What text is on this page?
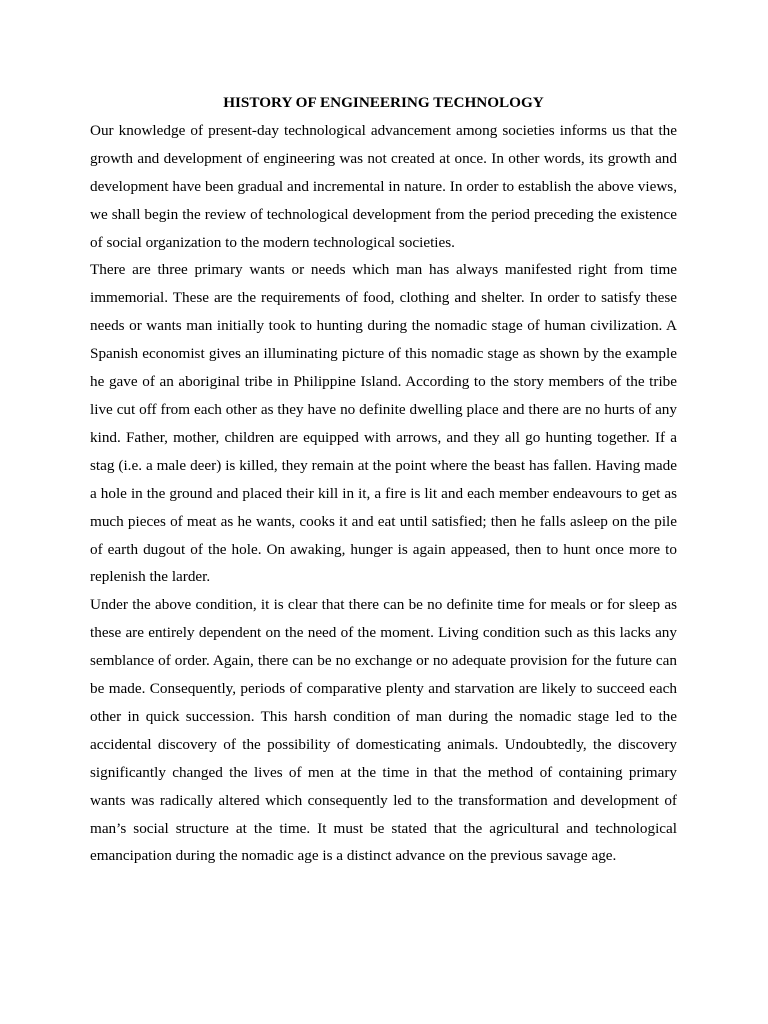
HISTORY OF ENGINEERING TECHNOLOGY

Our knowledge of present-day technological advancement among societies informs us that the growth and development of engineering was not created at once. In other words, its growth and development have been gradual and incremental in nature. In order to establish the above views, we shall begin the review of technological development from the period preceding the existence of social organization to the modern technological societies.

There are three primary wants or needs which man has always manifested right from time immemorial. These are the requirements of food, clothing and shelter. In order to satisfy these needs or wants man initially took to hunting during the nomadic stage of human civilization. A Spanish economist gives an illuminating picture of this nomadic stage as shown by the example he gave of an aboriginal tribe in Philippine Island. According to the story members of the tribe live cut off from each other as they have no definite dwelling place and there are no hurts of any kind. Father, mother, children are equipped with arrows, and they all go hunting together. If a stag (i.e. a male deer) is killed, they remain at the point where the beast has fallen. Having made a hole in the ground and placed their kill in it, a fire is lit and each member endeavours to get as much pieces of meat as he wants, cooks it and eat until satisfied; then he falls asleep on the pile of earth dugout of the hole. On awaking, hunger is again appeased, then to hunt once more to replenish the larder.

Under the above condition, it is clear that there can be no definite time for meals or for sleep as these are entirely dependent on the need of the moment. Living condition such as this lacks any semblance of order. Again, there can be no exchange or no adequate provision for the future can be made. Consequently, periods of comparative plenty and starvation are likely to succeed each other in quick succession. This harsh condition of man during the nomadic stage led to the accidental discovery of the possibility of domesticating animals. Undoubtedly, the discovery significantly changed the lives of men at the time in that the method of containing primary wants was radically altered which consequently led to the transformation and development of man’s social structure at the time. It must be stated that the agricultural and technological emancipation during the nomadic age is a distinct advance on the previous savage age.
